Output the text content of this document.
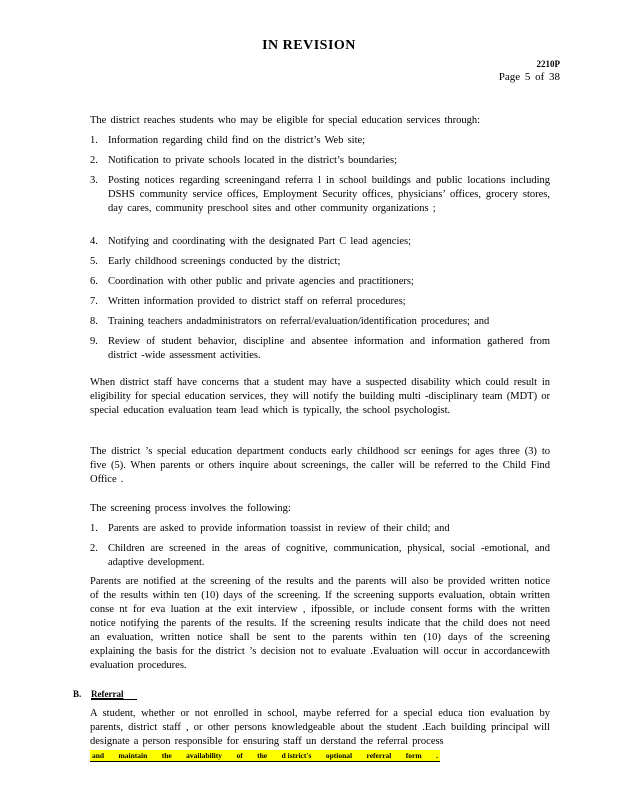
IN REVISION
2210P
Page 5 of 38
The district reaches students who may be eligible for special education services through:
1. Information regarding child find on the district’s Web site;
2. Notification to private schools located in the district’s boundaries;
3. Posting notices regarding screeningand referra l in school buildings and public locations including DSHS community service offices, Employment Security offices, physicians’ offices, grocery stores, day cares, community preschool sites and other community organizations ;
4. Notifying and coordinating with the designated Part C lead agencies;
5. Early childhood screenings conducted by the district;
6. Coordination with other public and private agencies and practitioners;
7. Written information provided to district staff on referral procedures;
8. Training teachers andadministrators on referral/evaluation/identification procedures; and
9. Review of student behavior, discipline and absentee information and information gathered from district -wide assessment activities.
When district staff have concerns that a student may have a suspected disability which could result in eligibility for special education services, they will notify the building multi -disciplinary team (MDT) or special education evaluation team lead which is typically, the school psychologist.
The district ’s special education department conducts early childhood scr eenings for ages three (3) to five (5). When parents or others inquire about screenings, the caller will be referred to the Child Find Office .
The screening process involves the following:
1. Parents are asked to provide information toassist in review of their child; and
2. Children are screened in the areas of cognitive, communication, physical, social -emotional, and adaptive development.
Parents are notified at the screening of the results and the parents will also be provided written notice of the results within ten (10) days of the screening. If the screening supports evaluation, obtain written conse nt for eva luation at the exit interview , ifpossible, or include consent forms with the written notice notifying the parents of the results. If the screening results indicate that the child does not need an evaluation, written notice shall be sent to the parents within ten (10) days of the screening explaining the basis for the district ’s decision not to evaluate .Evaluation will occur in accordancewith evaluation procedures.
B. Referral
A student, whether or not enrolled in school, maybe referred for a special educa tion evaluation by parents, district staff , or other persons knowledgeable about the student .Each building principal will designate a person responsible for ensuring staff un derstand the referral process
and maintain the availability of the d istrict's optional referral form .
